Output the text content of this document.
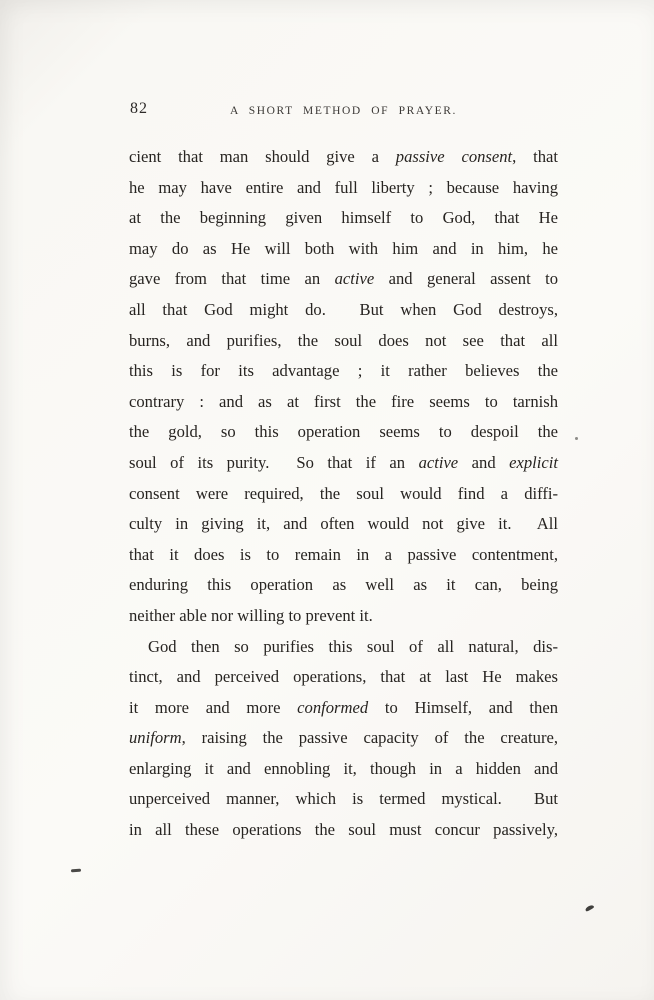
82	A SHORT METHOD OF PRAYER.
cient that man should give a passive consent, that
he may have entire and full liberty ; because having
at the beginning given himself to God, that He
may do as He will both with him and in him, he
gave from that time an active and general assent to
all that God might do.  But when God destroys,
burns, and purifies, the soul does not see that all
this is for its advantage ; it rather believes the
contrary : and as at first the fire seems to tarnish
the gold, so this operation seems to despoil the
soul of its purity.  So that if an active and explicit
consent were required, the soul would find a diffi-
culty in giving it, and often would not give it.  All
that it does is to remain in a passive contentment,
enduring this operation as well as it can, being
neither able nor willing to prevent it.
God then so purifies this soul of all natural, dis-
tinct, and perceived operations, that at last He makes
it more and more conformed to Himself, and then
uniform, raising the passive capacity of the creature,
enlarging it and ennobling it, though in a hidden and
unperceived manner, which is termed mystical.  But
in all these operations the soul must concur passively,
